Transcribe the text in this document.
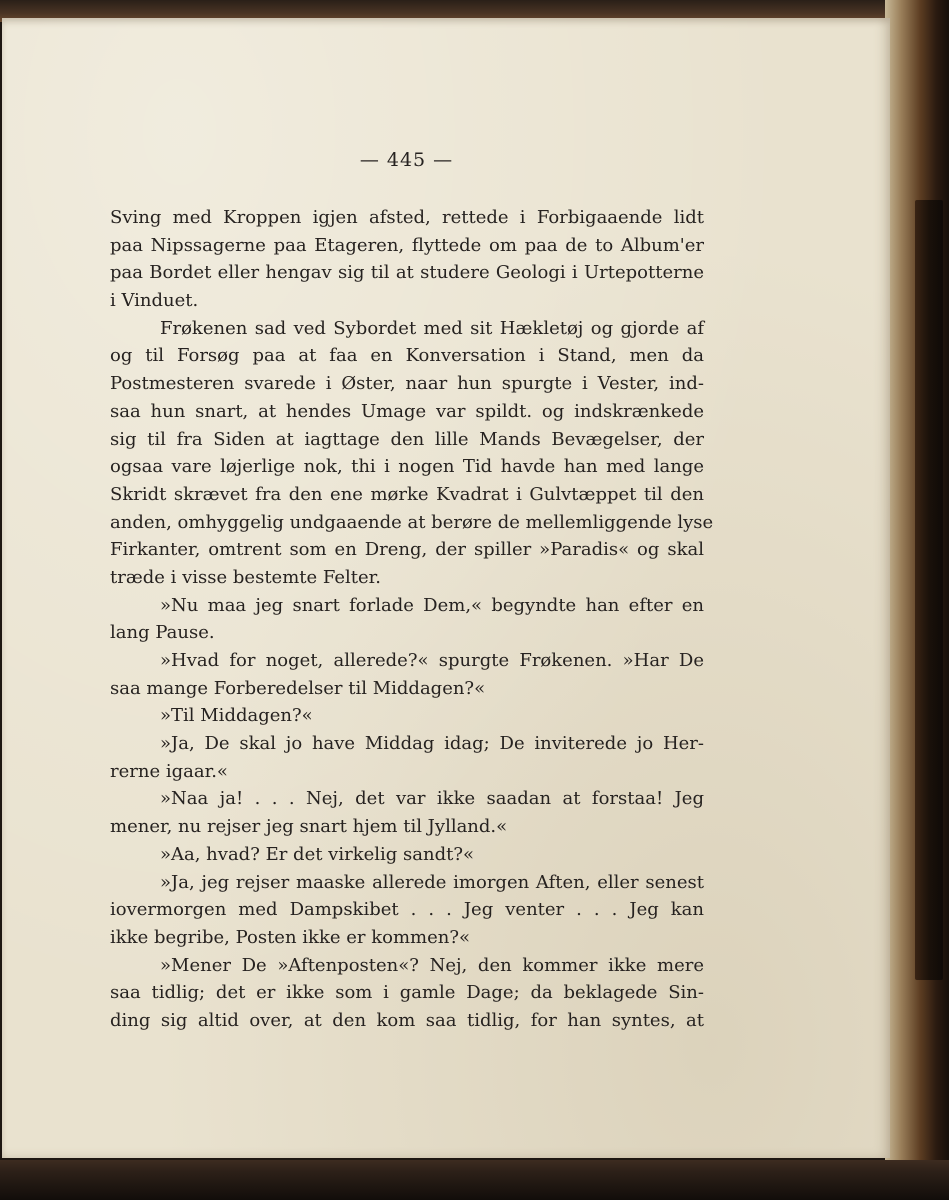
— 445 —
Sving med Kroppen igjen afsted, rettede i Forbigaaende lidt
paa Nipssagerne paa Etageren, flyttede om paa de to Album'er
paa Bordet eller hengav sig til at studere Geologi i Urtepotterne
i Vinduet.
Frøkenen sad ved Sybordet med sit Hækletøj og gjorde af
og til Forsøg paa at faa en Konversation i Stand, men da
Postmesteren svarede i Øster, naar hun spurgte i Vester, ind-
saa hun snart, at hendes Umage var spildt. og indskrænkede
sig til fra Siden at iagttage den lille Mands Bevægelser, der
ogsaa vare løjerlige nok, thi i nogen Tid havde han med lange
Skridt skrævet fra den ene mørke Kvadrat i Gulvtæppet til den
anden, omhyggelig undgaaende at berøre de mellemliggende lyse
Firkanter, omtrent som en Dreng, der spiller »Paradis« og skal
træde i visse bestemte Felter.
»Nu maa jeg snart forlade Dem,« begyndte han efter en
lang Pause.
»Hvad for noget, allerede?« spurgte Frøkenen. »Har De
saa mange Forberedelser til Middagen?«
»Til Middagen?«
»Ja, De skal jo have Middag idag; De inviterede jo Her-
rerne igaar.«
»Naa ja! . . . Nej, det var ikke saadan at forstaa! Jeg
mener, nu rejser jeg snart hjem til Jylland.«
»Aa, hvad? Er det virkelig sandt?«
»Ja, jeg rejser maaske allerede imorgen Aften, eller senest
iovermorgen med Dampskibet . . . Jeg venter . . . Jeg kan
ikke begribe, Posten ikke er kommen?«
»Mener De »Aftenposten«? Nej, den kommer ikke mere
saa tidlig; det er ikke som i gamle Dage; da beklagede Sin-
ding sig altid over, at den kom saa tidlig, for han syntes, at
